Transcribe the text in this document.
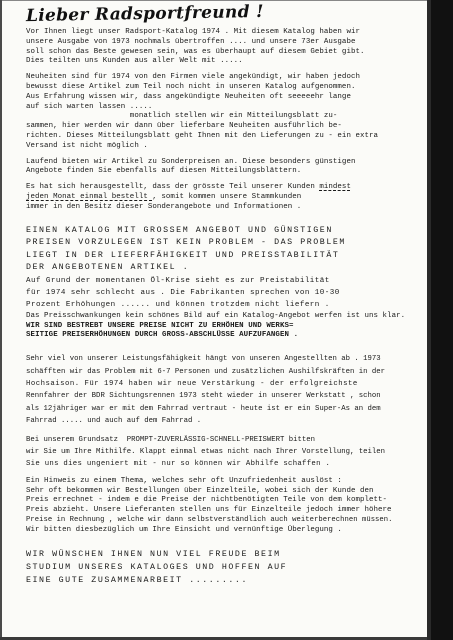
Lieber Radsportfreund !
Vor Ihnen liegt unser Radsport-Katalog 1974 . Mit diesem Katalog haben wir
unsere Ausgabe von 1973 nochmals übertroffen .... und unsere 73er Ausgabe
soll schon das Beste gewesen sein, was es überhaupt auf diesem Gebiet gibt.
Dies teilten uns Kunden aus aller Welt mit .....
Neuheiten sind für 1974 von den Firmen viele angekündigt, wir haben jedoch
bewusst diese Artikel zum Teil noch nicht in unseren Katalog aufgenommen.
Aus Erfahrung wissen wir, dass angekündigte Neuheiten oft seeeeehr lange
auf sich warten lassen .....
monatlich stellen wir ein Mitteilungsblatt zu-
sammen, hier werden wir dann über lieferbare Neuheiten ausführlich be-
richten. Dieses Mitteilungsblatt geht Ihnen mit den Lieferungen zu - ein extra
Versand ist nicht möglich .
Laufend bieten wir Artikel zu Sonderpreisen an. Diese besonders günstigen
Angebote finden Sie ebenfalls auf diesen Mitteilungsblättern.
Es hat sich herausgestellt, dass der grösste Teil unserer Kunden mindest
jeden Monat einmal bestellt , somit kommen unsere Stammkunden
immer in den Besitz dieser Sonderangebote und Informationen .
EINEN KATALOG MIT GROSSEM ANGEBOT UND GÜNSTIGEN
PREISEN VORZULEGEN IST KEIN PROBLEM - DAS PROBLEM
LIEGT IN DER LIEFERFÄHIGKEIT UND PREISSTABILITÄT
DER ANGEBOTENEN ARTIKEL .
Auf Grund der momentanen Öl-Krise sieht es zur Preistabilität
für 1974 sehr schlecht aus . Die Fabrikanten sprechen von 10-30
Prozent Erhöhungen ...... und können trotzdem nicht liefern .
Das Preisschwankungen kein schönes Bild auf ein Katalog-Angebot werfen ist uns klar.
WIR SIND BESTREBT UNSERE PREISE NICHT ZU ERHÖHEN UND WERKS=
SEITIGE PREISERHÖHUNGEN DURCH GROSS-ABSCHLÜSSE AUFZUFANGEN .
Sehr viel von unserer Leistungsfähigkeit hängt von unseren Angestellten ab . 1973
schäfften wir das Problem mit 6-7 Personen und zusätzlichen Aushilfskräften in der
Hochsaison. Für 1974 haben wir neue Verstärkung - der erfolgreichste
Rennfahrer der BDR Sichtungsrennen 1973 steht wieder in unserer Werkstatt , schon
als 12jähriger war er mit dem Fahrrad vertraut - heute ist er ein Super-As an dem
Fahrrad ..... und auch auf dem Fahrrad .
Bei unserem Grundsatz  PROMPT-ZUVERLÄSSIG-SCHNELL-PREISWERT bitten
wir Sie um Ihre Mithilfe. Klappt einmal etwas nicht nach Ihrer Vorstellung, teilen
Sie uns dies ungeniert mit - nur so können wir Abhilfe schaffen .
Ein Hinweis zu einem Thema, welches sehr oft Unzufriedenheit auslöst :
Sehr oft bekommen wir Bestellungen über Einzelteile, wobei sich der Kunde den
Preis errechnet - indem e die Preise der nichtbenötigten Teile von dem komplett-
Preis abzieht. Unsere Lieferanten stellen uns für Einzelteile jedoch immer höhere
Preise in Rechnung , welche wir dann selbstverständlich auch weiterberechnen müssen.
Wir bitten diesbezüglich um Ihre Einsicht und vernünftige Überlegung .
WIR WÜNSCHEN IHNEN NUN VIEL FREUDE BEIM
STUDIUM UNSERES KATALOGES UND HOFFEN AUF
EINE GUTE ZUSAMMENARBEIT .........
